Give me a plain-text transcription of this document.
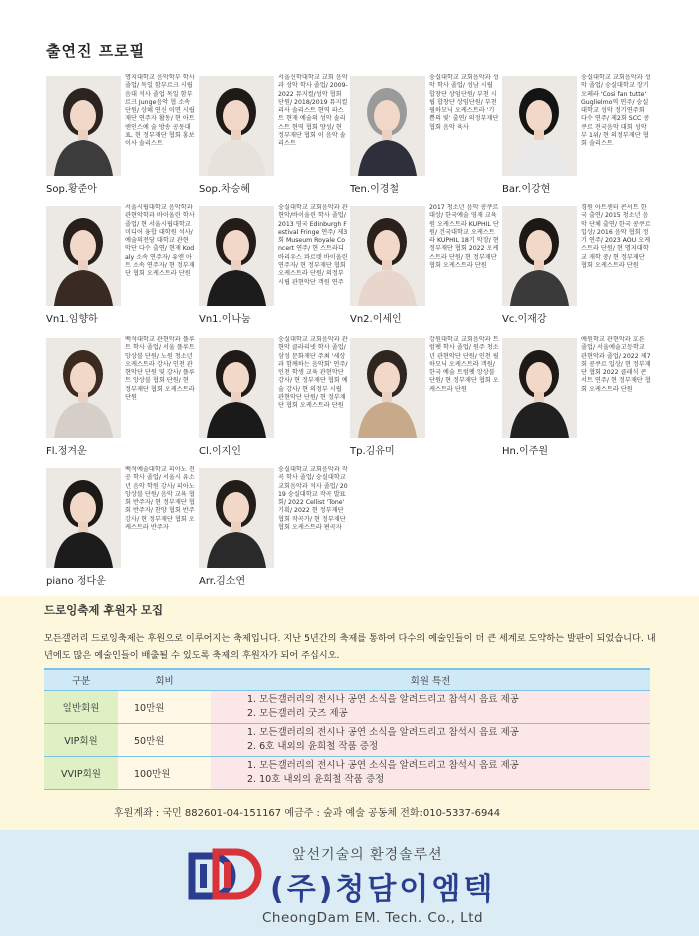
출연진 프로필
명지대학교 음악학부 학사 졸업/ 독일 함부르크 시립 음대 석사 졸업 독일 함부르크 Junge음악 협 소속 단원/ 상해 연신 이면 시립 재단 연주자 활동/ 현 아트앤인스예 술 방송 공동대표, 현 정부재단 협회 홍보 이사 솔리스트
Sop.황준아
서울신학대학교 교회 음악과 성악 학사 졸업/ 2009-2022 뮤지컬/성악 협회 단원/ 2018/2019 뮤지컬 리사 솔리스트 현역 파스트 현재 예술의 성악 솔리스트 현역 협회 양성/ 현 정부재단 협회 이 음악 솔리스트
Sop.차승혜
숭실대학교 교회음악과 성악 학사 졸업/ 성남 시립 합창단 상임단원/ 부천 시립 합창단 상임단원/ 부천 필하모닉 오케스트라 '기쁨의 빛' 출연/ 의정부재단 협회 음악 육사
Ten.이경철
숭실대학교 교회음악과 성악 졸업/ 숭실대학교 장기오페라 'Cosi fan tutte' Guglielmo역 연주/ 숭실대학교 성악 정기연주회 다수 연주/ 제2회 SCC 콩쿠르 전국음악 대회 성악부 1위/ 현 의정부재단 협회 솔리스트
Bar.이강현
서울시립대학교 음악학과 관현악학과 바이올린 학사 졸업/ 현 서울시립대학교 미디어 융합 대학원 석사/ 예술의전당 대학교 관현 악단 다수 출연/ 현재 Kodaly 소속 연주자/ 유엔 아트 소속 연주자/ 현 정부재단 협회 오케스트라 단원
Vn1.임향하
숭실대학교 교회음악과 관현악/바이올린 학사 졸업/ 2013 영국 Edinburgh Festival Fringe 연주/ 제3회 Museum Royale Concert 연주/ 현 스트라디바리우스 콰르텟 바이올린 연주자/ 현 정부재단 협회 오케스트라 단원/ 의정부 시립 관현악단 객원 연주
Vn1.이나눔
2017 청소년 음악 콩쿠르 대상/ 한국예술 영재 교육원 오케스트라 KUPHIL 단원/ 건국대학교 오케스트라 KUPHIL 18기 악장/ 현 정부재단 협회 2022 오케스트라 단원/ 현 정부재단 협회 오케스트라 단원
Vn2.이세인
경원 아트센터 콘서트 한국 출연/ 2015 청소년 음악 단체 출연/ 한국 콩쿠르 입상/ 2016 음악 협회 정기 연주/ 2023 AOU 오케스트라 단원/ 현 명지대학교 재학 중/ 현 정부재단 협회 오케스트라 단원
Vc.이재강
백석대학교 관현악과 플루트 학사 졸업/ 서울 플루트 앙상블 단원/ 노원 청소년 오케스트라 강사/ 인천 관현악단 단원 및 강사/ 플루트 앙상블 협회 단원/ 현 정부재단 협회 오케스트라 단원
Fl.정겨운
숭실대학교 교회음악과 관현악 클라리넷 학사 졸업/ 삼성 문화재단 주최 '세상과 함께하는 음악회' 연주/ 인천 학생 교육 관현악단 강사/ 현 정부재단 협회 예술 강사/ 현 의정부 시립 관현악단 단원/ 현 정부재단 협회 오케스트라 단원
Cl.이지인
강원대학교 교회음악과 트럼펫 학사 졸업/ 원주 청소년 관현악단 단원/ 인천 필하모닉 오케스트라 객원/ 한국 예술 트럼펫 앙상블 단원/ 현 정부재단 협회 오케스트라 단원
Tp.김유미
예원학교 관현악과 호른 졸업/ 서울예술고등학교 관현악과 졸업/ 2022 제7회 콩쿠르 입상/ 현 정부재단 협회 2022 클래식 콘서트 연주/ 현 정부재단 협회 오케스트라 단원
Hn.이주원
백석예술대학교 피아노 전공 학사 졸업/ 서울시 유소년 음악 학원 강사/ 피아노 앙상블 단원/ 음악 교육 협회 반주자/ 현 정부재단 협회 반주자/ 찬양 협회 반주 강사/ 현 정부재단 협회 오케스트라 반주자
piano 정다운
숭실대학교 교회음악과 작곡 학사 졸업/ 숭실대학교 교회음악과 석사 졸업/ 2019 숭실대학교 작곡 발표회/ 2022 Cellist 'Tone' 기획/ 2022 현 정부재단 협회 작곡가/ 현 정부재단 협회 오케스트라 편곡자
Arr.김소연
드로잉축제 후원자 모집
모든갤러리 드로잉축제는 후원으로 이루어지는 축제입니다. 지난 5년간의 축제를 통하여 다수의 예술인들이 더 큰 세계로 도약하는 발판이 되었습니다. 내년에도 많은 예술인들이 배출될 수 있도록 축제의 후원자가 되어 주십시오.
구분	회비	회원 특전
일반회원	10만원	1. 모든갤러리의 전시나 공연 소식을 알려드리고 참석시 음료 제공
2. 모든갤러리 굿즈 제공

VIP회원	50만원	1. 모든갤러리의 전시나 공연 소식을 알려드리고 참석시 음료 제공
2. 6호 내외의 윤희철 작품 증정

VVIP회원	100만원	1. 모든갤러리의 전시나 공연 소식을 알려드리고 참석시 음료 제공
2. 10호 내외의 윤희철 작품 증정
후원계좌 : 국민 882601-04-151167 예금주 : 숲과 예술 공동체 전화:010-5337-6944
앞선기술의 환경솔루션
(주)청담이엠텍
CheongDam EM. Tech. Co., Ltd
